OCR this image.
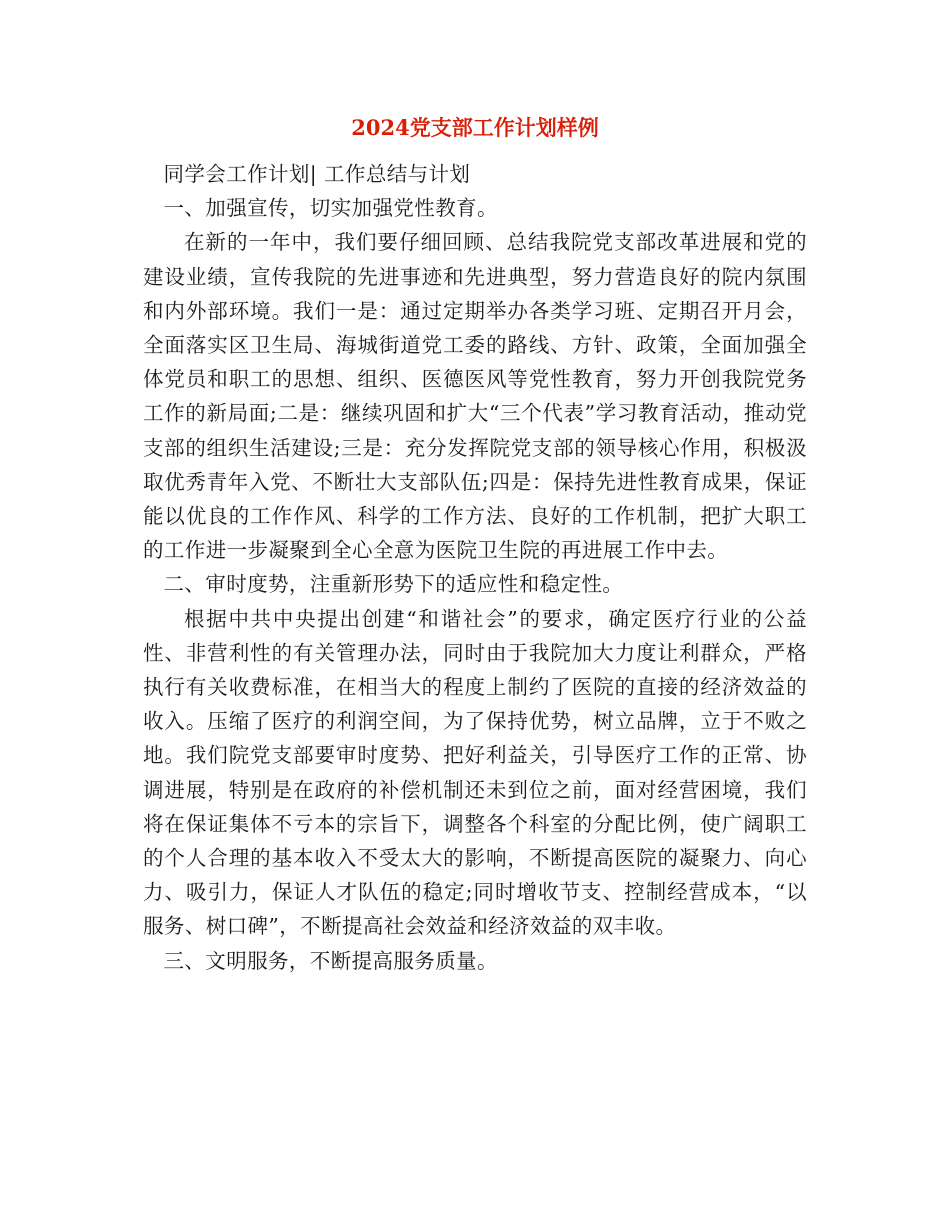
2024党支部工作计划样例

同学会工作计划| 工作总结与计划

一、加强宣传，切实加强党性教育。

在新的一年中，我们要仔细回顾、总结我院党支部改革进展和党的建设业绩，宣传我院的先进事迹和先进典型，努力营造良好的院内氛围和内外部环境。我们一是：通过定期举办各类学习班、定期召开月会，全面落实区卫生局、海城街道党工委的路线、方针、政策，全面加强全体党员和职工的思想、组织、医德医风等党性教育，努力开创我院党务工作的新局面;二是：继续巩固和扩大“三个代表”学习教育活动，推动党支部的组织生活建设;三是：充分发挥院党支部的领导核心作用，积极汲取优秀青年入党、不断壮大支部队伍;四是：保持先进性教育成果，保证能以优良的工作作风、科学的工作方法、良好的工作机制，把扩大职工的工作进一步凝聚到全心全意为医院卫生院的再进展工作中去。

二、审时度势，注重新形势下的适应性和稳定性。

根据中共中央提出创建“和谐社会”的要求，确定医疗行业的公益性、非营利性的有关管理办法，同时由于我院加大力度让利群众，严格执行有关收费标准，在相当大的程度上制约了医院的直接的经济效益的收入。压缩了医疗的利润空间，为了保持优势，树立品牌，立于不败之地。我们院党支部要审时度势、把好利益关，引导医疗工作的正常、协调进展，特别是在政府的补偿机制还未到位之前，面对经营困境，我们将在保证集体不亏本的宗旨下，调整各个科室的分配比例，使广阔职工的个人合理的基本收入不受太大的影响，不断提高医院的凝聚力、向心力、吸引力，保证人才队伍的稳定;同时增收节支、控制经营成本，“以服务、树口碑”，不断提高社会效益和经济效益的双丰收。

三、文明服务，不断提高服务质量。
